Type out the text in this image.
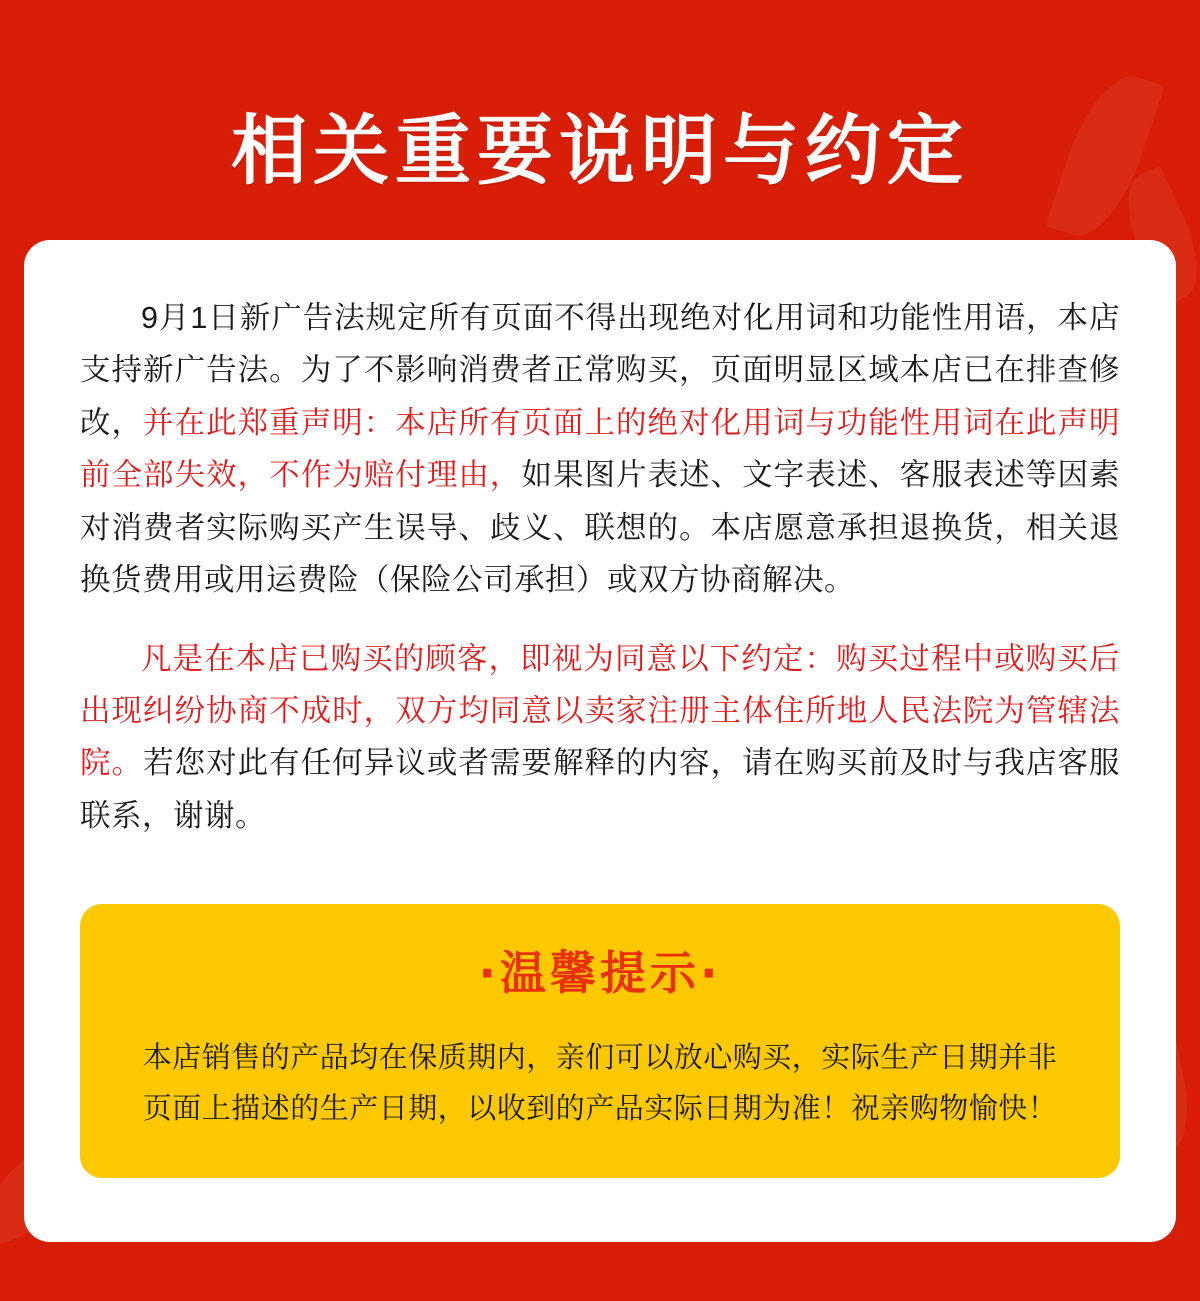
相关重要说明与约定

9月1日新广告法规定所有页面不得出现绝对化用词和功能性用语，本店支持新广告法。为了不影响消费者正常购买，页面明显区域本店已在排查修改，并在此郑重声明：本店所有页面上的绝对化用词与功能性用词在此声明前全部失效，不作为赔付理由，如果图片表述、文字表述、客服表述等因素对消费者实际购买产生误导、歧义、联想的。本店愿意承担退换货，相关退换货费用或用运费险（保险公司承担）或双方协商解决。

凡是在本店已购买的顾客，即视为同意以下约定：购买过程中或购买后出现纠纷协商不成时，双方均同意以卖家注册主体住所地人民法院为管辖法院。若您对此有任何异议或者需要解释的内容，请在购买前及时与我店客服联系，谢谢。

·温馨提示·
本店销售的产品均在保质期内，亲们可以放心购买，实际生产日期并非
页面上描述的生产日期，以收到的产品实际日期为准！祝亲购物愉快！
